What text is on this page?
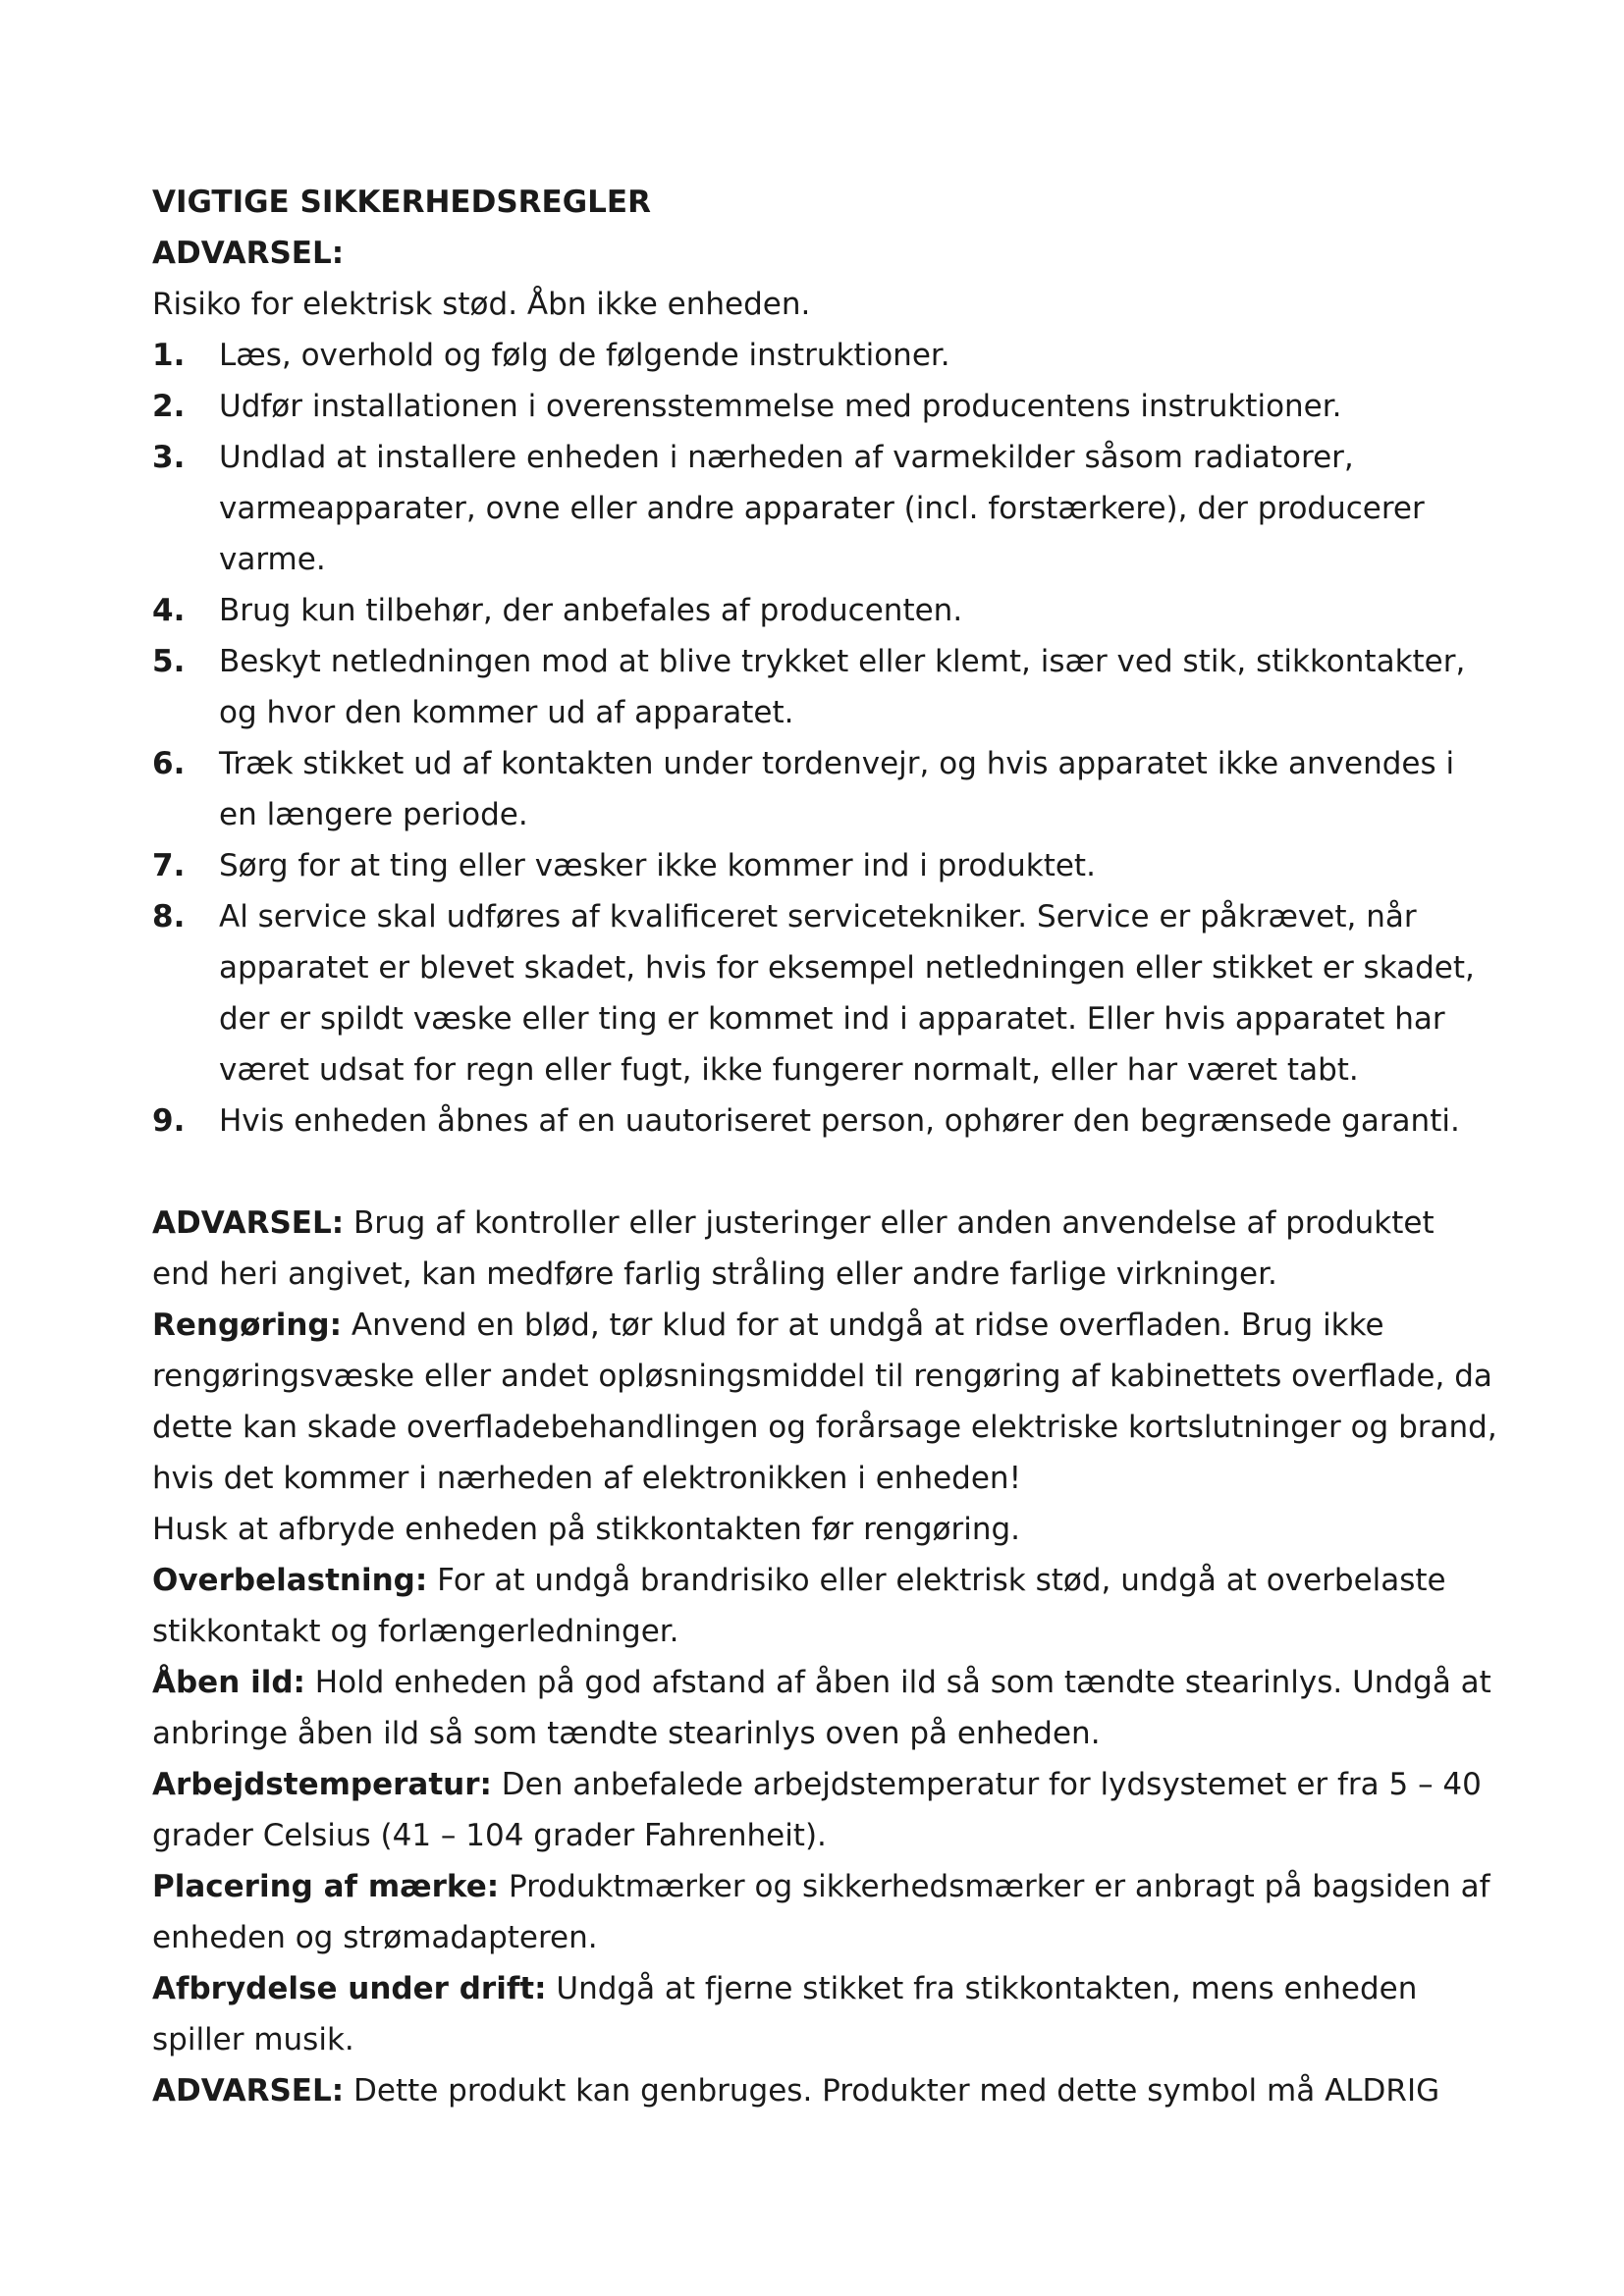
VIGTIGE SIKKERHEDSREGLER
ADVARSEL:
Risiko for elektrisk stød. Åbn ikke enheden.
1.	Læs, overhold og følg de følgende instruktioner.
2.	Udfør installationen i overensstemmelse med producentens instruktioner.
3.	Undlad at installere enheden i nærheden af varmekilder såsom radiatorer, varmeapparater, ovne eller andre apparater (incl. forstærkere), der producerer varme.
4.	Brug kun tilbehør, der anbefales af producenten.
5.	Beskyt netledningen mod at blive trykket eller klemt, især ved stik, stikkontakter, og hvor den kommer ud af apparatet.
6.	Træk stikket ud af kontakten under tordenvejr, og hvis apparatet ikke anvendes i en længere periode.
7.	Sørg for at ting eller væsker ikke kommer ind i produktet.
8.	Al service skal udføres af kvalificeret servicetekniker. Service er påkrævet, når apparatet er blevet skadet, hvis for eksempel netledningen eller stikket er skadet, der er spildt væske eller ting er kommet ind i apparatet. Eller hvis apparatet har været udsat for regn eller fugt, ikke fungerer normalt, eller har været tabt.
9.	Hvis enheden åbnes af en uautoriseret person, ophører den begrænsede garanti.

ADVARSEL: Brug af kontroller eller justeringer eller anden anvendelse af produktet end heri angivet, kan medføre farlig stråling eller andre farlige virkninger.

Rengøring: Anvend en blød, tør klud for at undgå at ridse overfladen. Brug ikke rengøringsvæske eller andet opløsningsmiddel til rengøring af kabinettets overflade, da dette kan skade overfladebehandlingen og forårsage elektriske kortslutninger og brand, hvis det kommer i nærheden af elektronikken i enheden!

Husk at afbryde enheden på stikkontakten før rengøring.

Overbelastning: For at undgå brandrisiko eller elektrisk stød, undgå at overbelaste stikkontakt og forlængerledninger.

Åben ild: Hold enheden på god afstand af åben ild så som tændte stearinlys. Undgå at anbringe åben ild så som tændte stearinlys oven på enheden.

Arbejdstemperatur: Den anbefalede arbejdstemperatur for lydsystemet er fra 5 – 40 grader Celsius (41 – 104 grader Fahrenheit).

Placering af mærke: Produktmærker og sikkerhedsmærker er anbragt på bagsiden af enheden og strømadapteren.

Afbrydelse under drift: Undgå at fjerne stikket fra stikkontakten, mens enheden spiller musik.

ADVARSEL: Dette produkt kan genbruges. Produkter med dette symbol må ALDRIG
